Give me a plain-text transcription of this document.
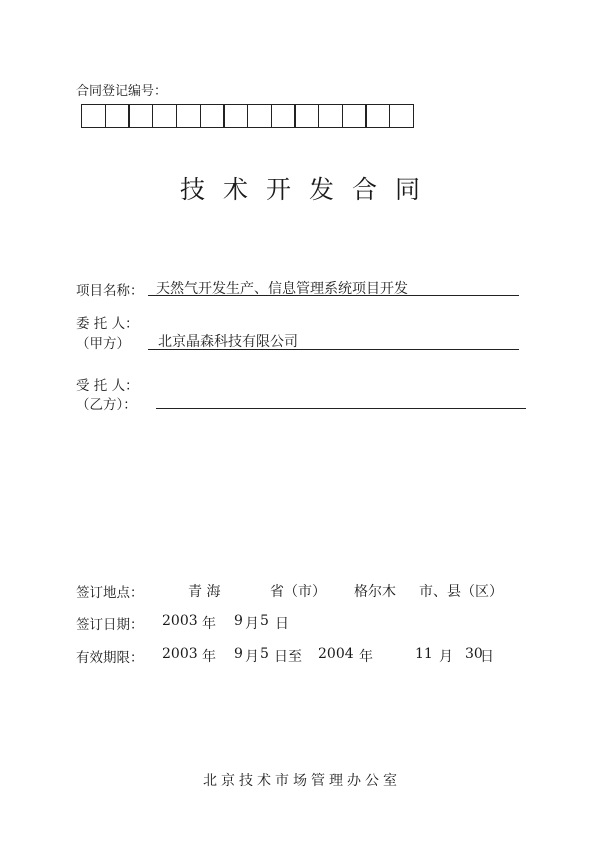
合同登记编号：
技术开发合同
项目名称： 天然气开发生产、信息管理系统项目开发
委 托 人：
（甲方） 北京晶森科技有限公司
受 托 人：
（乙方）：
签订地点：	青 海	省（市） 格尔木 市、县（区）
签订日期： 2003 年 9 月 5 日
有效期限： 2003 年 9 月 5 日至 2004 年	11 月 30
日
北京技术市场管理办公室
